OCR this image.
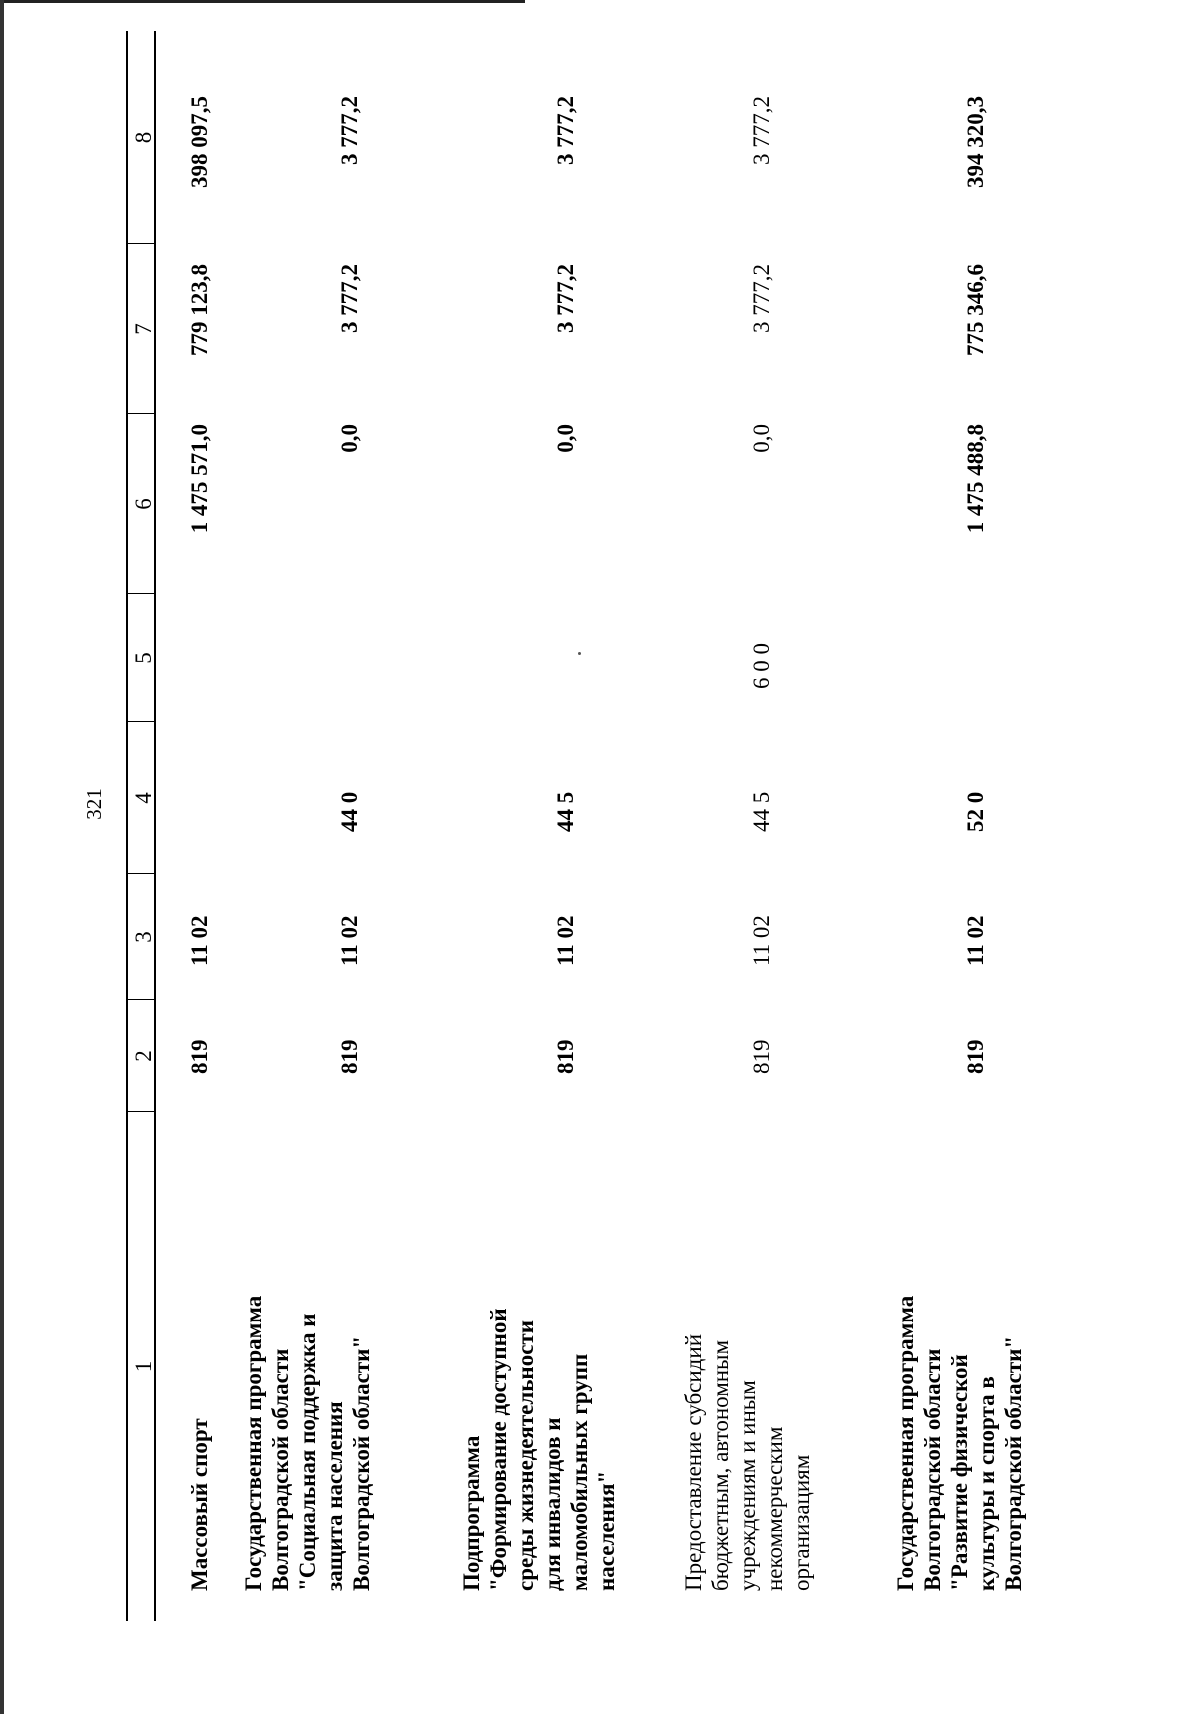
321
1
2
3
4
5
6
7
8
Массовый спорт
819
11 02
1 475 571,0
779 123,8
398 097,5
Государственная программа Волгоградской области "Социальная поддержка и защита населения Волгоградской области"
819
11 02
44 0
0,0
3 777,2
3 777,2
Подпрограмма "Формирование доступной среды жизнедеятельности для инвалидов и маломобильных групп населения"
819
11 02
44 5
0,0
3 777,2
3 777,2
Предоставление субсидий бюджетным, автономным учреждениям и иным некоммерческим организациям
819
11 02
44 5
6 0 0
0,0
3 777,2
3 777,2
Государственная программа Волгоградской области "Развитие физической культуры и спорта в Волгоградской области"
819
11 02
52 0
1 475 488,8
775 346,6
394 320,3
